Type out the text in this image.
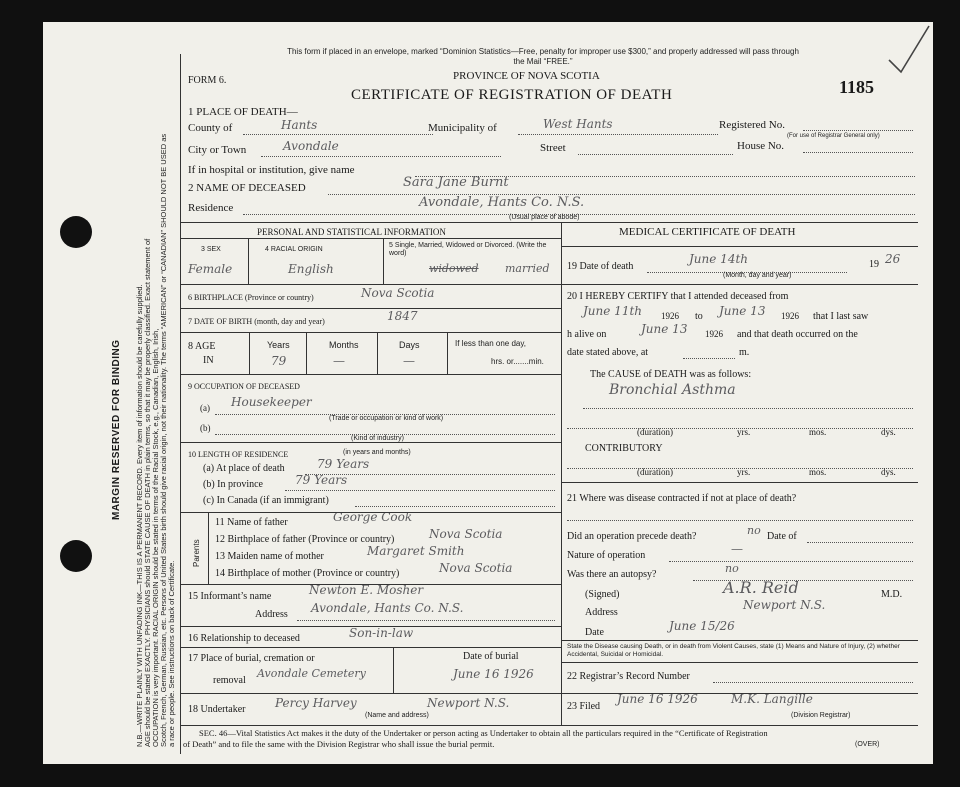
MARGIN RESERVED FOR BINDING N.B.—WRITE PLAINLY WITH UNFADING INK—THIS IS A PERMANENT RECORD. Every item of information should be carefully supplied. AGE should be stated EXACTLY. PHYSICIANS should STATE CAUSE OF DEATH in plain terms, so that it may be properly classified. Exact statement of OCCUPATION is very important. RACIAL ORIGIN should be stated in terms of the Racial Stock, e.g., Canadian, English, Irish, Scotch, French, German, Russian, etc. Persons of United States birth should give racial origin, not their nationality. The terms “AMERICAN” or “CANADIAN” SHOULD NOT BE USED as a race or people. See instructions on back of Certificate.
This form if placed in an envelope, marked “Dominion Statistics—Free, penalty for improper use $300,” and properly addressed will pass through the Mail “FREE.”
FORM 6.	PROVINCE OF NOVA SCOTIA
CERTIFICATE OF REGISTRATION OF DEATH	1185
1 PLACE OF DEATH—
County of	Hants	Municipality of	West Hants	Registered No.
(For use of Registrar General only)
City or Town	Avondale	Street	House No.
If in hospital or institution, give name
2 NAME OF DECEASED	Sara Jane Burnt
Residence	Avondale, Hants Co. N.S.
(Usual place of abode)
PERSONAL AND STATISTICAL INFORMATION	MEDICAL CERTIFICATE OF DEATH
3 SEX	4 RACIAL ORIGIN
5 Single, Married, Widowed or Divorced. (Write the word)
Female	English	widowed married
6 BIRTHPLACE (Province or country)	Nova Scotia
7 DATE OF BIRTH (month, day and year)	1847
8 AGE
IN
Years	Months	Days	If less than one day,
hrs. or.......min.
79	—	—
9 OCCUPATION OF DECEASED
(a) Housekeeper
(Trade or occupation or kind of work)
(b)
(Kind of industry)
10 LENGTH OF RESIDENCE	(in years and months)
(a) At place of death	79 Years
(b) In province	79 Years
(c) In Canada (if an immigrant)
Parents
11 Name of father	George Cook
12 Birthplace of father (Province or country)	Nova Scotia
13 Maiden name of mother	Margaret Smith
14 Birthplace of mother (Province or country)	Nova Scotia
15 Informant’s name	Newton E. Mosher
Address Avondale, Hants Co. N.S.
16 Relationship to deceased	Son-in-law
17 Place of burial, cremation or
removal
Avondale Cemetery
Date of burial
June 16 1926
18 Undertaker Percy Harvey	Newport N.S.
(Name and address)
19 Date of death
June 14th	19 26
(Month, day and year)
20 I HEREBY CERTIFY that I attended deceased from
June 11th 1926 to June 13 1926 that I last saw
h alive on	June 13 1926 and that death occurred on the
date stated above, at	m.
The CAUSE of DEATH was as follows:
Bronchial Asthma
(duration)	yrs.	mos.	dys.
CONTRIBUTORY
(duration)	yrs.	mos.	dys.
21 Where was disease contracted if not at place of death?
Did an operation precede death?	no Date of
Nature of operation	—
Was there an autopsy?	no
(Signed)	A.R. Reid	M.D.
Address
Newport N.S.
Date	June 15/26
State the Disease causing Death, or in death from Violent Causes, state (1) Means and Nature of Injury, (2) whether Accidental, Suicidal or Homicidal.
22 Registrar’s Record Number
23 Filed
June 16 1926	M.K. Langille
(Division Registrar)
SEC. 46—Vital Statistics Act makes it the duty of the Undertaker or person acting as Undertaker to obtain all the particulars required in the “Certificate of Registration
of Death” and to file the same with the Division Registrar who shall issue the burial permit.	(OVER)
